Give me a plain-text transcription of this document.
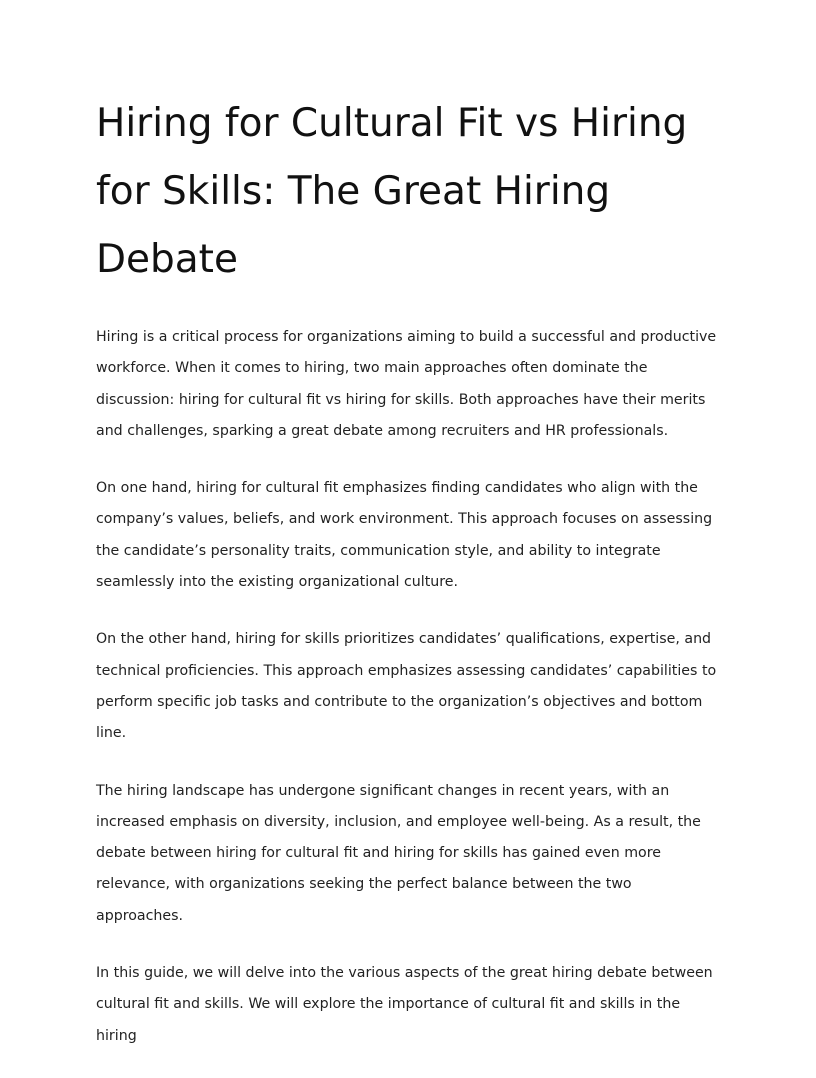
Hiring for Cultural Fit vs Hiring for Skills: The Great Hiring Debate

Hiring is a critical process for organizations aiming to build a successful and productive workforce. When it comes to hiring, two main approaches often dominate the discussion: hiring for cultural fit vs hiring for skills. Both approaches have their merits and challenges, sparking a great debate among recruiters and HR professionals.

On one hand, hiring for cultural fit emphasizes finding candidates who align with the company’s values, beliefs, and work environment. This approach focuses on assessing the candidate’s personality traits, communication style, and ability to integrate seamlessly into the existing organizational culture.

On the other hand, hiring for skills prioritizes candidates’ qualifications, expertise, and technical proficiencies. This approach emphasizes assessing candidates’ capabilities to perform specific job tasks and contribute to the organization’s objectives and bottom line.

The hiring landscape has undergone significant changes in recent years, with an increased emphasis on diversity, inclusion, and employee well-being. As a result, the debate between hiring for cultural fit and hiring for skills has gained even more relevance, with organizations seeking the perfect balance between the two approaches.

In this guide, we will delve into the various aspects of the great hiring debate between cultural fit and skills. We will explore the importance of cultural fit and skills in the hiring
